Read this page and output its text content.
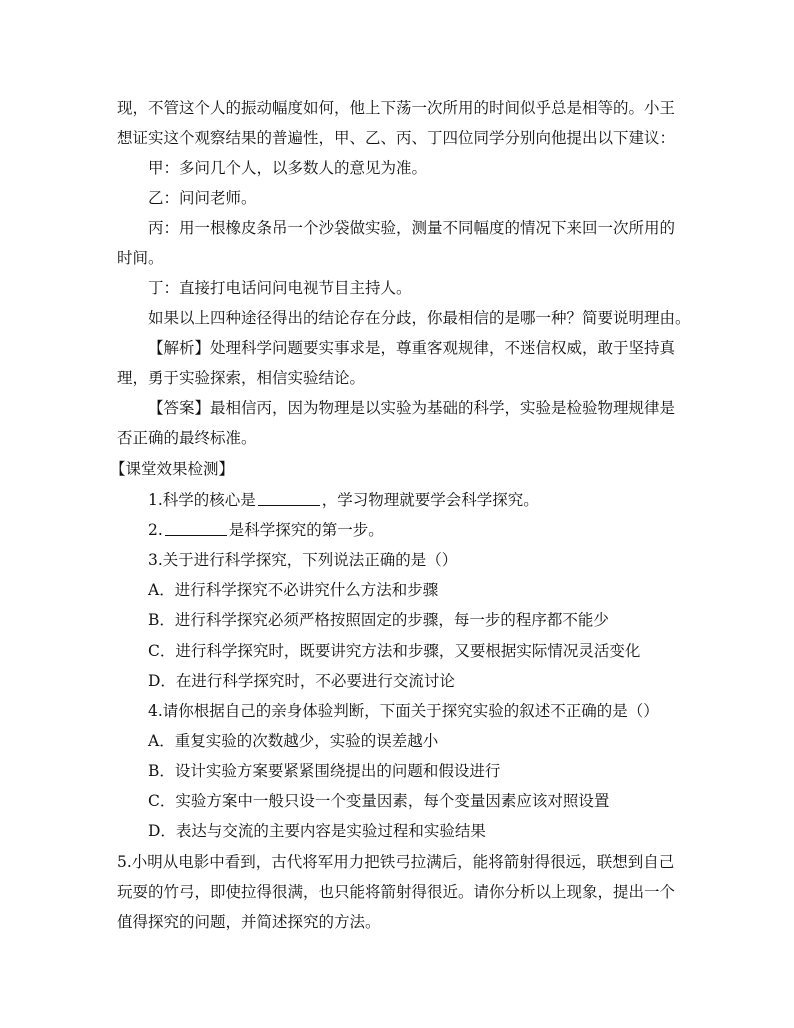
现，不管这个人的振动幅度如何，他上下荡一次所用的时间似乎总是相等的。小王
想证实这个观察结果的普遍性，甲、乙、丙、丁四位同学分别向他提出以下建议：
甲：多问几个人，以多数人的意见为准。
乙：问问老师。
丙：用一根橡皮条吊一个沙袋做实验，测量不同幅度的情况下来回一次所用的
时间。
丁：直接打电话问问电视节目主持人。
如果以上四种途径得出的结论存在分歧，你最相信的是哪一种？简要说明理由。
【解析】处理科学问题要实事求是，尊重客观规律，不迷信权威，敢于坚持真
理，勇于实验探索，相信实验结论。
【答案】最相信丙，因为物理是以实验为基础的科学，实验是检验物理规律是
否正确的最终标准。
【课堂效果检测】
1.科学的核心是	，学习物理就要学会科学探究。
2.	是科学探究的第一步。
3.关于进行科学探究，下列说法正确的是（）
A．进行科学探究不必讲究什么方法和步骤
B．进行科学探究必须严格按照固定的步骤，每一步的程序都不能少
C．进行科学探究时，既要讲究方法和步骤，又要根据实际情况灵活变化
D．在进行科学探究时，不必要进行交流讨论
4.请你根据自己的亲身体验判断，下面关于探究实验的叙述不正确的是（）
A．重复实验的次数越少，实验的误差越小
B．设计实验方案要紧紧围绕提出的问题和假设进行
C．实验方案中一般只设一个变量因素，每个变量因素应该对照设置
D．表达与交流的主要内容是实验过程和实验结果
5.小明从电影中看到，古代将军用力把铁弓拉满后，能将箭射得很远，联想到自己
玩耍的竹弓，即使拉得很满，也只能将箭射得很近。请你分析以上现象，提出一个
值得探究的问题，并简述探究的方法。
